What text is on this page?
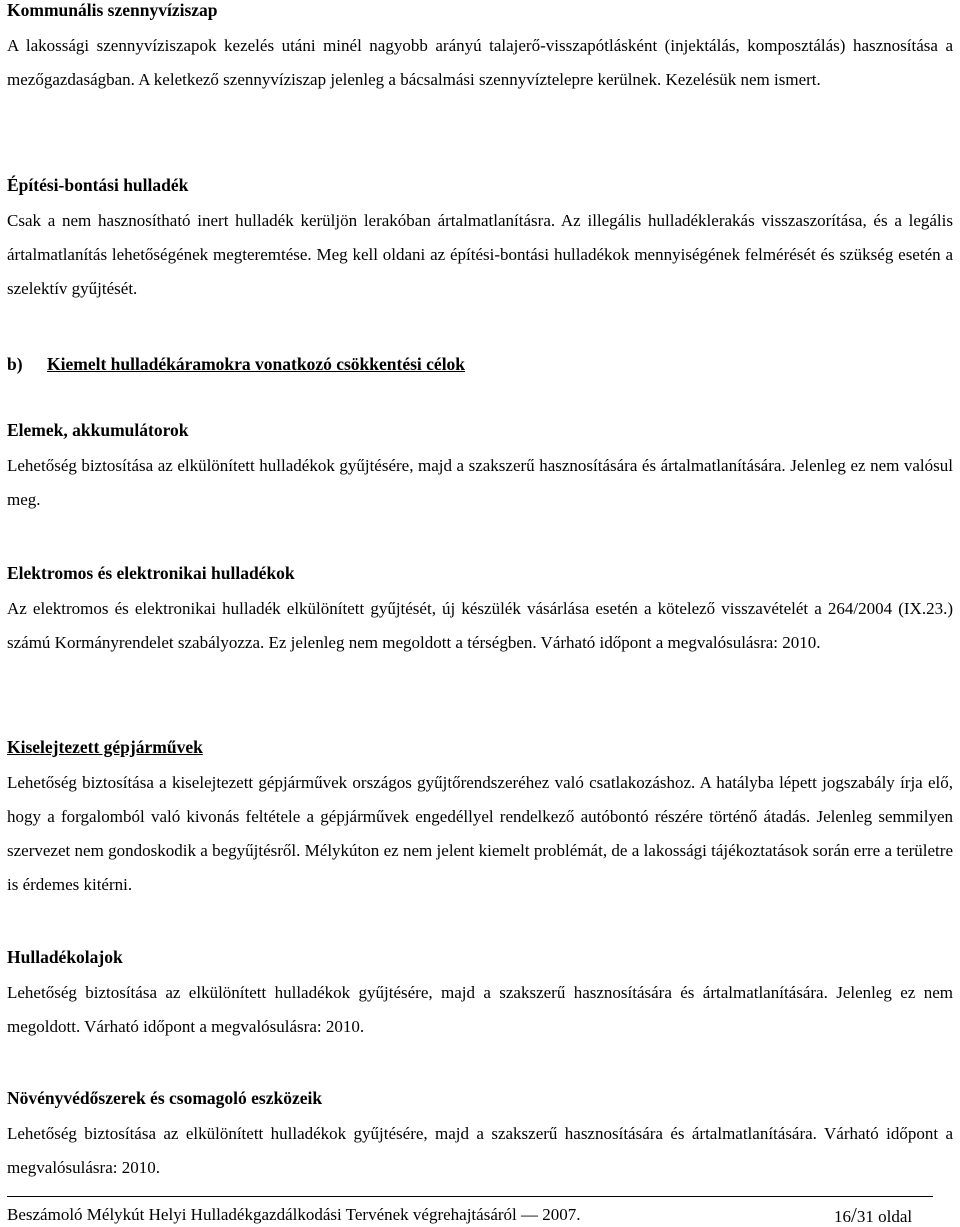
Kommunális szennyvíziszap

A lakossági szennyvíziszapok kezelés utáni minél nagyobb arányú talajerő-visszapótlásként (injektálás, komposztálás) hasznosítása a mezőgazdaságban. A keletkező szennyvíziszap jelenleg a bácsalmási szennyvíztelepre kerülnek. Kezelésük nem ismert.

Építési-bontási hulladék

Csak a nem hasznosítható inert hulladék kerüljön lerakóban ártalmatlanításra. Az illegális hulladéklerakás visszaszorítása, és a legális ártalmatlanítás lehetőségének megteremtése. Meg kell oldani az építési-bontási hulladékok mennyiségének felmérését és szükség esetén a szelektív gyűjtését.

b) Kiemelt hulladékáramokra vonatkozó csökkentési célok
Elemek, akkumulátorok

Lehetőség biztosítása az elkülönített hulladékok gyűjtésére, majd a szakszerű hasznosítására és ártalmatlanítására. Jelenleg ez nem valósul meg.

Elektromos és elektronikai hulladékok

Az elektromos és elektronikai hulladék elkülönített gyűjtését, új készülék vásárlása esetén a kötelező visszavételét a 264/2004 (IX.23.) számú Kormányrendelet szabályozza. Ez jelenleg nem megoldott a térségben. Várható időpont a megvalósulásra: 2010.

Kiselejtezett gépjárművek

Lehetőség biztosítása a kiselejtezett gépjárművek országos gyűjtőrendszeréhez való csatlakozáshoz. A hatályba lépett jogszabály írja elő, hogy a forgalomból való kivonás feltétele a gépjárművek engedéllyel rendelkező autóbontó részére történő átadás. Jelenleg semmilyen szervezet nem gondoskodik a begyűjtésről. Mélykúton ez nem jelent kiemelt problémát, de a lakossági tájékoztatások során erre a területre is érdemes kitérni.

Hulladékolajok

Lehetőség biztosítása az elkülönített hulladékok gyűjtésére, majd a szakszerű hasznosítására és ártalmatlanítására. Jelenleg ez nem megoldott. Várható időpont a megvalósulásra: 2010.

Növényvédőszerek és csomagoló eszközeik

Lehetőség biztosítása az elkülönített hulladékok gyűjtésére, majd a szakszerű hasznosítására és ártalmatlanítására. Várható időpont a megvalósulásra: 2010.

Beszámoló Mélykút Helyi Hulladékgazdálkodási Tervének végrehajtásáról — 2007.	16/31 oldal
